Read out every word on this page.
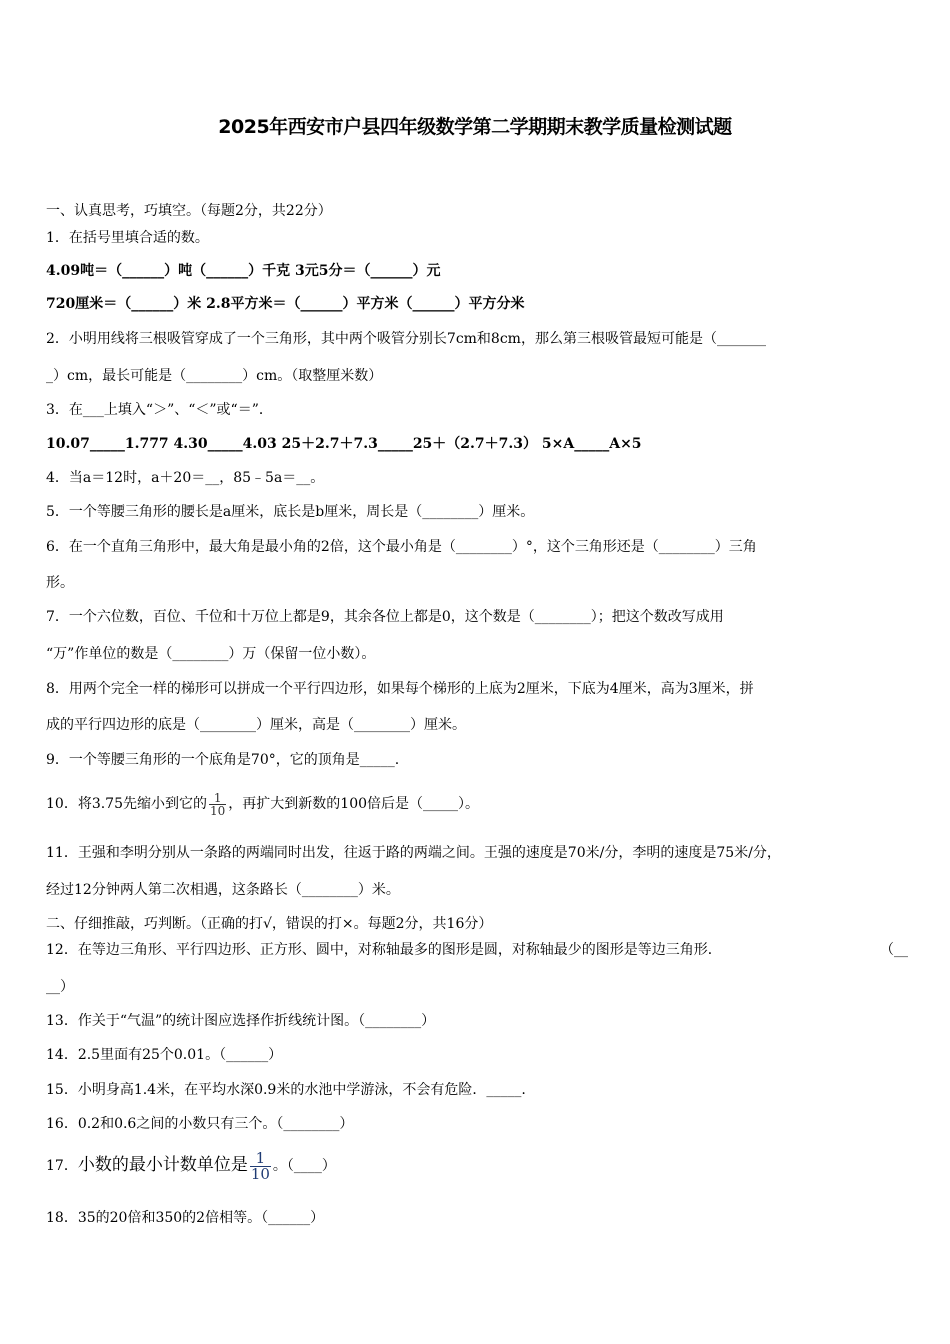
2025年西安市户县四年级数学第二学期期末教学质量检测试题
一、认真思考，巧填空。（每题2分，共22分）
1．在括号里填合适的数。
4.09吨＝（______）吨（______）千克 3元5分＝（______）元
720厘米＝（______）米 2.8平方米＝（______）平方米（______）平方分米
2．小明用线将三根吸管穿成了一个三角形，其中两个吸管分别长7cm和8cm，那么第三根吸管最短可能是（_______
_）cm，最长可能是（________）cm。（取整厘米数）
3．在___上填入“＞”、“＜”或“＝”．
10.07_____1.777 4.30_____4.03 25＋2.7＋7.3_____25＋（2.7＋7.3） 5×A_____A×5
4．当a＝12时，a＋20＝__，85﹣5a＝__。
5．一个等腰三角形的腰长是a厘米，底长是b厘米，周长是（________）厘米。
6．在一个直角三角形中，最大角是最小角的2倍，这个最小角是（________）°，这个三角形还是（________）三角
形。
7．一个六位数，百位、千位和十万位上都是9，其余各位上都是0，这个数是（________）；把这个数改写成用
“万”作单位的数是（________）万（保留一位小数）。
8．用两个完全一样的梯形可以拼成一个平行四边形，如果每个梯形的上底为2厘米，下底为4厘米，高为3厘米，拼
成的平行四边形的底是（________）厘米，高是（________）厘米。
9．一个等腰三角形的一个底角是70°，它的顶角是_____.
10．将3.75先缩小到它的 $\frac{1}{10}$ ，再扩大到新数的100倍后是（_____）。
11．王强和李明分别从一条路的两端同时出发，往返于路的两端之间。王强的速度是70米/分，李明的速度是75米/分，
经过12分钟两人第二次相遇，这条路长（________）米。
二、仔细推敲，巧判断。（正确的打√，错误的打×。每题2分，共16分）
12．在等边三角形、平行四边形、正方形、圆中，对称轴最多的图形是圆，对称轴最少的图形是等边三角形．	（__
__）
13．作关于“气温”的统计图应选择作折线统计图。（________）
14．2.5里面有25个0.01。（______）
15．小明身高1.4米，在平均水深0.9米的水池中学游泳，不会有危险．_____.
16．0.2和0.6之间的小数只有三个。（________）
17．小数的最小计数单位是 $\frac{1}{10}$ 。（____）
18．35的20倍和350的2倍相等。（______）
